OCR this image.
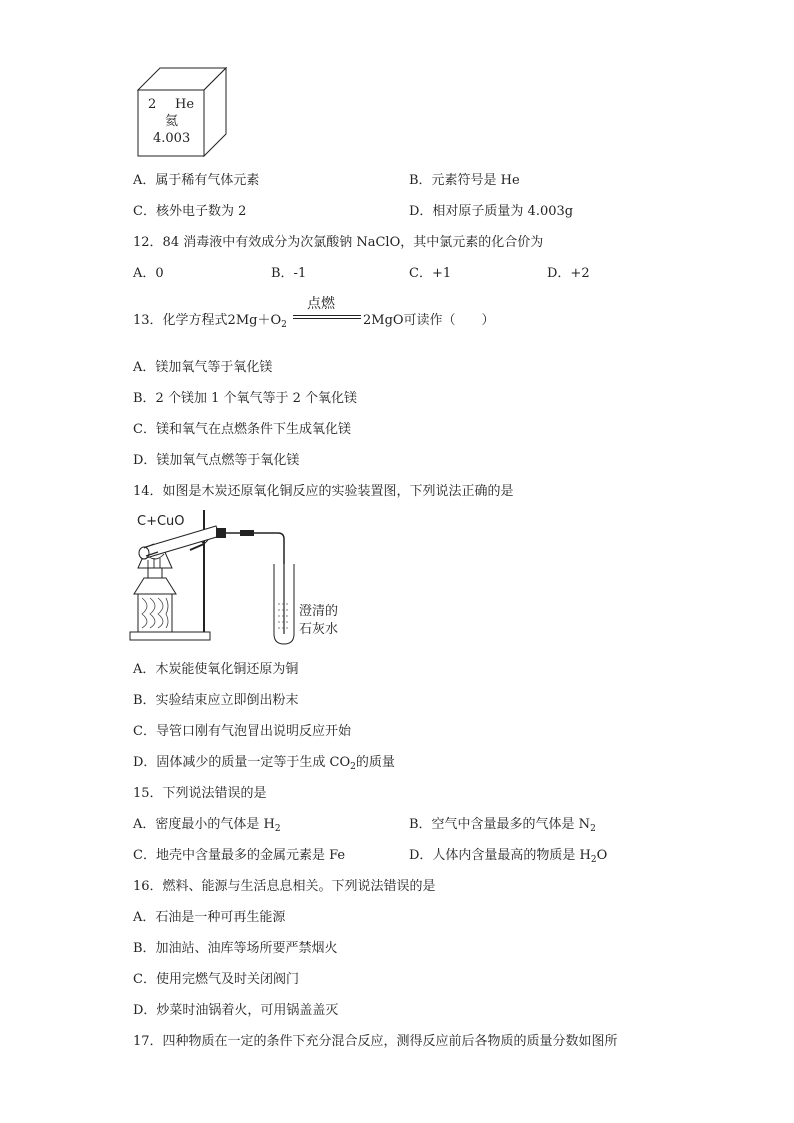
2 He
氦
4.003
A．属于稀有气体元素	B．元素符号是 He
C．核外电子数为 2	D．相对原子质量为 4.003g
12．84 消毒液中有效成分为次氯酸钠 NaClO，其中氯元素的化合价为
A．0	B．-1	C．+1	D．+2
13．化学方程式$2Mg+O_2$
点燃
2MgO可读作（　　）
A．镁加氧气等于氧化镁
B．2 个镁加 1 个氧气等于 2 个氧化镁
C．镁和氧气在点燃条件下生成氧化镁
D．镁加氧气点燃等于氧化镁
14．如图是木炭还原氧化铜反应的实验装置图，下列说法正确的是
C+CuO
澄清的
石灰水
A．木炭能使氧化铜还原为铜
B．实验结束应立即倒出粉末
C．导管口刚有气泡冒出说明反应开始
D．固体减少的质量一定等于生成 $CO_2$的质量
15．下列说法错误的是
A．密度最小的气体是 $H_2$	B．空气中含量最多的气体是 $N_2$
C．地壳中含量最多的金属元素是 Fe	D．人体内含量最高的物质是 $H_2O$
16．燃料、能源与生活息息相关。下列说法错误的是
A．石油是一种可再生能源
B．加油站、油库等场所要严禁烟火
C．使用完燃气及时关闭阀门
D．炒菜时油锅着火，可用锅盖盖灭
17．四种物质在一定的条件下充分混合反应，测得反应前后各物质的质量分数如图所
